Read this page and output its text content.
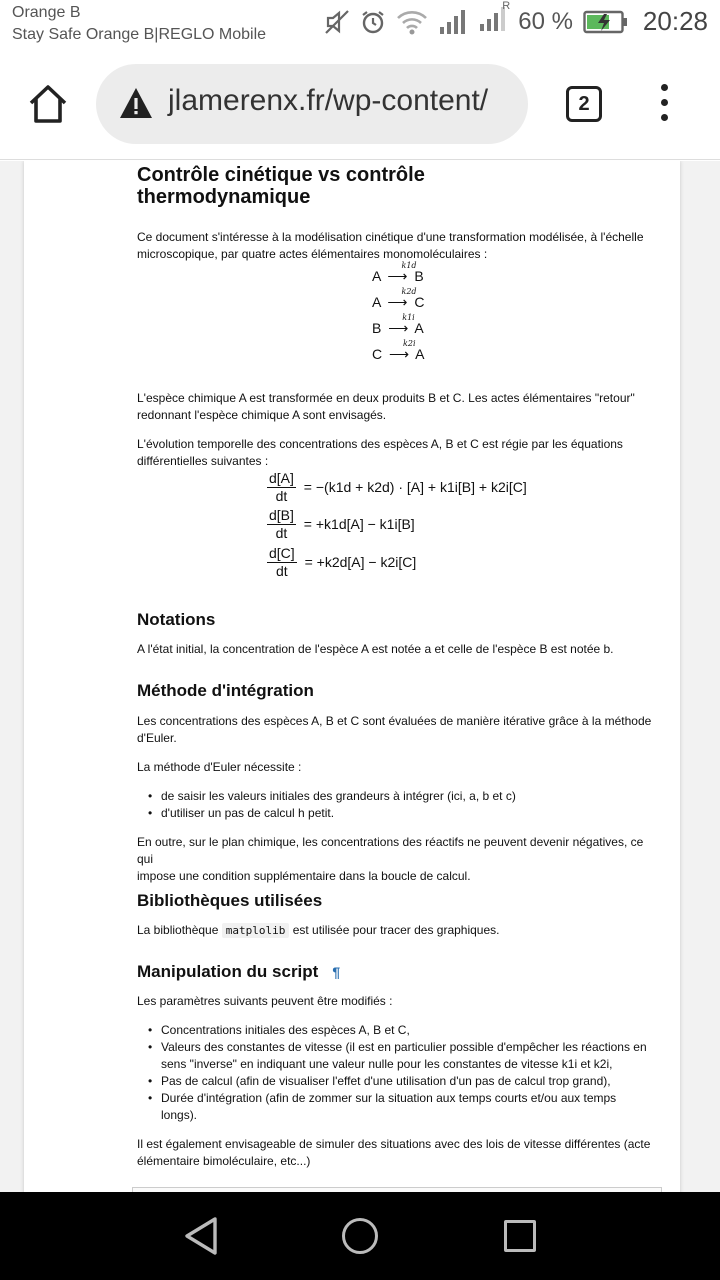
Orange B
Stay Safe Orange B|REGLO Mobile
R
60 %	20:28
jlamerenx.fr/wp-content/	2
Contrôle cinétique vs contrôle
thermodynamique

Ce document s'intéresse à la modélisation cinétique d'une transformation modélisée, à l'échelle
microscopique, par quatre actes élémentaires monomoléculaires :

A
k1d
⟶ B
A
k2d
⟶ C
B
k1i
⟶ A
C
k2i
⟶ A

L'espèce chimique A est transformée en deux produits B et C. Les actes élémentaires "retour"
redonnant l'espèce chimique A sont envisagés.

L'évolution temporelle des concentrations des espèces A, B et C est régie par les équations
différentielles suivantes :

$\frac{d[A]}{dt} = -(k1d + k2d) \cdot [A] + k1i[B] + k2i[C]$
$\frac{d[B]}{dt} = +k1d[A] - k1i[B]$
$\frac{d[C]}{dt} = +k2d[A] - k2i[C]$
Notations

A l'état initial, la concentration de l'espèce A est notée a et celle de l'espèce B est notée b.

Méthode d'intégration

Les concentrations des espèces A, B et C sont évaluées de manière itérative grâce à la méthode
d'Euler.

La méthode d'Euler nécessite :

• de saisir les valeurs initiales des grandeurs à intégrer (ici, a, b et c)
• d'utiliser un pas de calcul h petit.

En outre, sur le plan chimique, les concentrations des réactifs ne peuvent devenir négatives, ce qui
impose une condition supplémentaire dans la boucle de calcul.

Bibliothèques utilisées

La bibliothèque matplolib est utilisée pour tracer des graphiques.

Manipulation du script ¶

Les paramètres suivants peuvent être modifiés :

• Concentrations initiales des espèces A, B et C,
• Valeurs des constantes de vitesse (il est en particulier possible d'empêcher les réactions en
sens "inverse" en indiquant une valeur nulle pour les constantes de vitesse k1i et k2i,
• Pas de calcul (afin de visualiser l'effet d'une utilisation d'un pas de calcul trop grand),
• Durée d'intégration (afin de zommer sur la situation aux temps courts et/ou aux temps
longs).

Il est également envisageable de simuler des situations avec des lois de vitesse différentes (acte
élémentaire bimoléculaire, etc...)
